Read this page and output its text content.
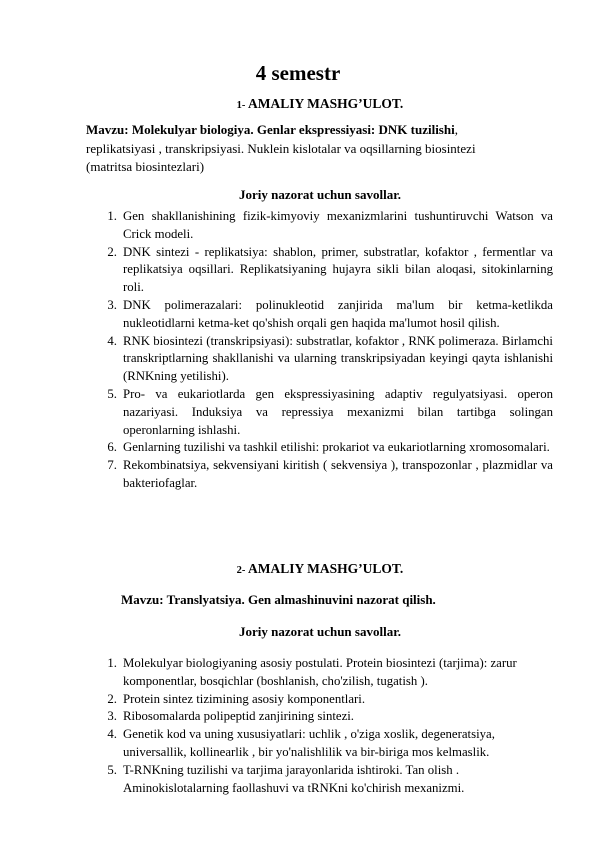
4 semestr
1- AMALIY MASHG’ULOT.
Mavzu: Molekulyar biologiya. Genlar ekspressiyasi: DNK tuzilishi,
replikatsiyasi , transkripsiyasi. Nuklein kislotalar va oqsillarning biosintezi
(matritsa biosintezlari)
Joriy nazorat uchun savollar.
1. Gen shakllanishining fizik-kimyoviy mexanizmlarini tushuntiruvchi Watson va Crick modeli.
2. DNK sintezi - replikatsiya: shablon, primer, substratlar, kofaktor , fermentlar va replikatsiya oqsillari. Replikatsiyaning hujayra sikli bilan aloqasi, sitokinlarning roli.
3. DNK polimerazalari: polinukleotid zanjirida ma'lum bir ketma-ketlikda nukleotidlarni ketma-ket qo'shish orqali gen haqida ma'lumot hosil qilish.
4. RNK biosintezi (transkripsiyasi): substratlar, kofaktor , RNK polimeraza. Birlamchi transkriptlarning shakllanishi va ularning transkripsiyadan keyingi qayta ishlanishi (RNKning yetilishi).
5. Pro- va eukariotlarda gen ekspressiyasining adaptiv regulyatsiyasi. operon nazariyasi. Induksiya va repressiya mexanizmi bilan tartibga solingan operonlarning ishlashi.
6. Genlarning tuzilishi va tashkil etilishi: prokariot va eukariotlarning xromosomalari.
7. Rekombinatsiya, sekvensiyani kiritish ( sekvensiya ), transpozonlar , plazmidlar va bakteriofaglar.
2- AMALIY MASHG’ULOT.
Mavzu: Translyatsiya. Gen almashinuvini nazorat qilish.
Joriy nazorat uchun savollar.
1. Molekulyar biologiyaning asosiy postulati. Protein biosintezi (tarjima): zarur komponentlar, bosqichlar (boshlanish, cho'zilish, tugatish ).
2. Protein sintez tizimining asosiy komponentlari.
3. Ribosomalarda polipeptid zanjirining sintezi.
4. Genetik kod va uning xususiyatlari: uchlik , o'ziga xoslik, degeneratsiya, universallik, kollinearlik , bir yo'nalishlilik va bir-biriga mos kelmaslik.
5. T-RNKning tuzilishi va tarjima jarayonlarida ishtiroki. Tan olish . Aminokislotalarning faollashuvi va tRNKni ko'chirish mexanizmi.
